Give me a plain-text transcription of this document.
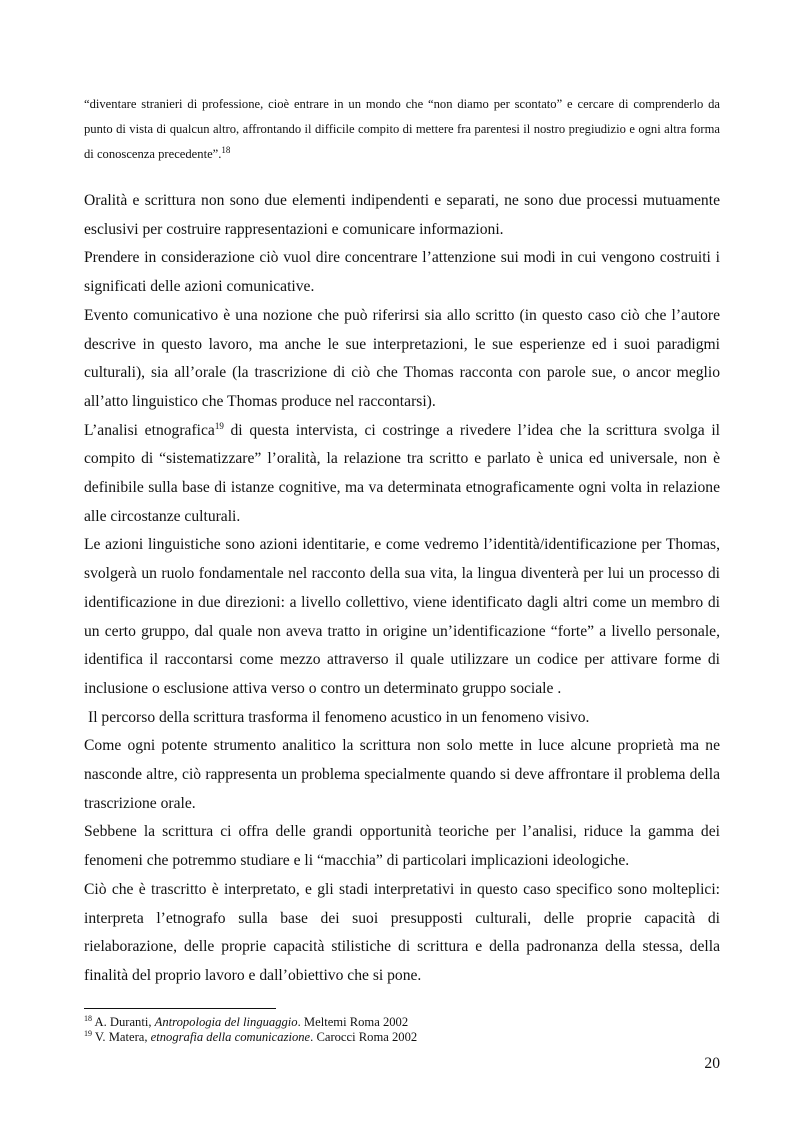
“diventare stranieri di professione, cioè entrare in un mondo che “non diamo per scontato” e cercare di comprenderlo da punto di vista di qualcun altro, affrontando il difficile compito di mettere fra parentesi il nostro pregiudizio e ogni altra forma di conoscenza precedente”.$^{18}$

Oralità e scrittura non sono due elementi indipendenti e separati, ne sono due processi mutuamente esclusivi per costruire rappresentazioni e comunicare informazioni.

Prendere in considerazione ciò vuol dire concentrare l’attenzione sui modi in cui vengono costruiti i significati delle azioni comunicative.

Evento comunicativo è una nozione che può riferirsi sia allo scritto (in questo caso ciò che l’autore descrive in questo lavoro, ma anche le sue interpretazioni, le sue esperienze ed i suoi paradigmi culturali), sia all’orale (la trascrizione di ciò che Thomas racconta con parole sue, o ancor meglio all’atto linguistico che Thomas produce nel raccontarsi).

L’analisi etnografica$^{19}$ di questa intervista, ci costringe a rivedere l’idea che la scrittura svolga il compito di “sistematizzare” l’oralità, la relazione tra scritto e parlato è unica ed universale, non è definibile sulla base di istanze cognitive, ma va determinata etnograficamente ogni volta in relazione alle circostanze culturali.

Le azioni linguistiche sono azioni identitarie, e come vedremo l’identità/identificazione per Thomas, svolgerà un ruolo fondamentale nel racconto della sua vita, la lingua diventerà per lui un processo di identificazione in due direzioni: a livello collettivo, viene identificato dagli altri come un membro di un certo gruppo, dal quale non aveva tratto in origine un’identificazione “forte” a livello personale, identifica il raccontarsi come mezzo attraverso il quale utilizzare un codice per attivare forme di inclusione o esclusione attiva verso o contro un determinato gruppo sociale .

Il percorso della scrittura trasforma il fenomeno acustico in un fenomeno visivo.

Come ogni potente strumento analitico la scrittura non solo mette in luce alcune proprietà ma ne nasconde altre, ciò rappresenta un problema specialmente quando si deve affrontare il problema della trascrizione orale.

Sebbene la scrittura ci offra delle grandi opportunità teoriche per l’analisi, riduce la gamma dei fenomeni che potremmo studiare e li “macchia” di particolari implicazioni ideologiche.

Ciò che è trascritto è interpretato, e gli stadi interpretativi in questo caso specifico sono molteplici: interpreta l’etnografo sulla base dei suoi presupposti culturali, delle proprie capacità di rielaborazione, delle proprie capacità stilistiche di scrittura e della padronanza della stessa, della finalità del proprio lavoro e dall’obiettivo che si pone.

$^{18}$ A. Duranti, Antropologia del linguaggio. Meltemi Roma 2002
$^{19}$ V. Matera, etnografia della comunicazione. Carocci Roma 2002
20
